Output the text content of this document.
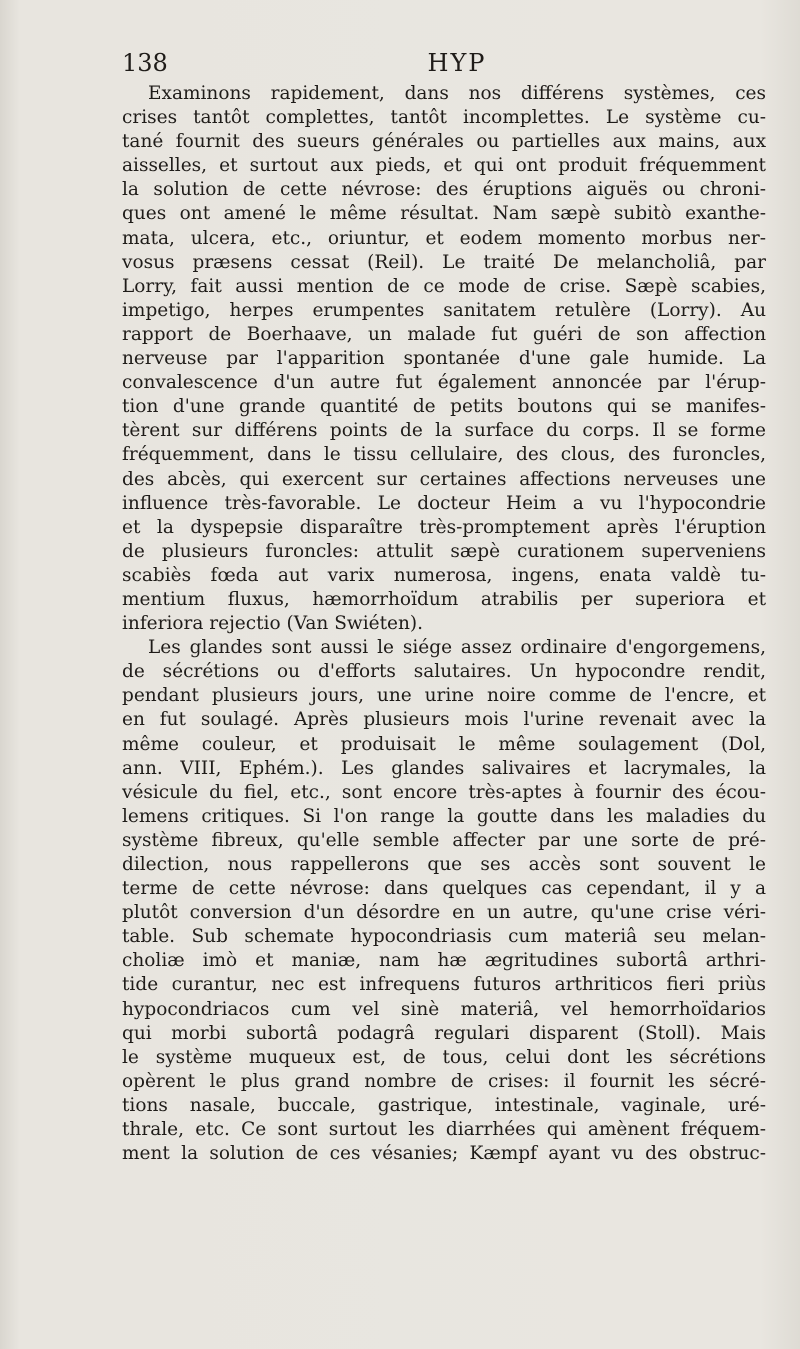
138	HYP
Examinons rapidement, dans nos différens systèmes, ces
crises tantôt complettes, tantôt incomplettes. Le système cu-
tané fournit des sueurs générales ou partielles aux mains, aux
aisselles, et surtout aux pieds, et qui ont produit fréquemment
la solution de cette névrose: des éruptions aiguës ou chroni-
ques ont amené le même résultat. Nam sæpè subitò exanthe-
mata, ulcera, etc., oriuntur, et eodem momento morbus ner-
vosus præsens cessat (Reil). Le traité De melancholiâ, par
Lorry, fait aussi mention de ce mode de crise. Sæpè scabies,
impetigo, herpes erumpentes sanitatem retulère (Lorry). Au
rapport de Boerhaave, un malade fut guéri de son affection
nerveuse par l'apparition spontanée d'une gale humide. La
convalescence d'un autre fut également annoncée par l'érup-
tion d'une grande quantité de petits boutons qui se manifes-
tèrent sur différens points de la surface du corps. Il se forme
fréquemment, dans le tissu cellulaire, des clous, des furoncles,
des abcès, qui exercent sur certaines affections nerveuses une
influence très-favorable. Le docteur Heim a vu l'hypocondrie
et la dyspepsie disparaître très-promptement après l'éruption
de plusieurs furoncles: attulit sæpè curationem superveniens
scabiès fœda aut varix numerosa, ingens, enata valdè tu-
mentium fluxus, hæmorrhoïdum atrabilis per superiora et
inferiora rejectio (Van Swiéten).
Les glandes sont aussi le siége assez ordinaire d'engorgemens,
de sécrétions ou d'efforts salutaires. Un hypocondre rendit,
pendant plusieurs jours, une urine noire comme de l'encre, et
en fut soulagé. Après plusieurs mois l'urine revenait avec la
même couleur, et produisait le même soulagement (Dol,
ann. VIII, Ephém.). Les glandes salivaires et lacrymales, la
vésicule du fiel, etc., sont encore très-aptes à fournir des écou-
lemens critiques. Si l'on range la goutte dans les maladies du
système fibreux, qu'elle semble affecter par une sorte de pré-
dilection, nous rappellerons que ses accès sont souvent le
terme de cette névrose: dans quelques cas cependant, il y a
plutôt conversion d'un désordre en un autre, qu'une crise véri-
table. Sub schemate hypocondriasis cum materiâ seu melan-
choliæ imò et maniæ, nam hæ ægritudines subortâ arthri-
tide curantur, nec est infrequens futuros arthriticos fieri priùs
hypocondriacos cum vel sinè materiâ, vel hemorrhoïdarios
qui morbi subortâ podagrâ regulari disparent (Stoll). Mais
le système muqueux est, de tous, celui dont les sécrétions
opèrent le plus grand nombre de crises: il fournit les sécré-
tions nasale, buccale, gastrique, intestinale, vaginale, uré-
thrale, etc. Ce sont surtout les diarrhées qui amènent fréquem-
ment la solution de ces vésanies; Kæmpf ayant vu des obstruc-
